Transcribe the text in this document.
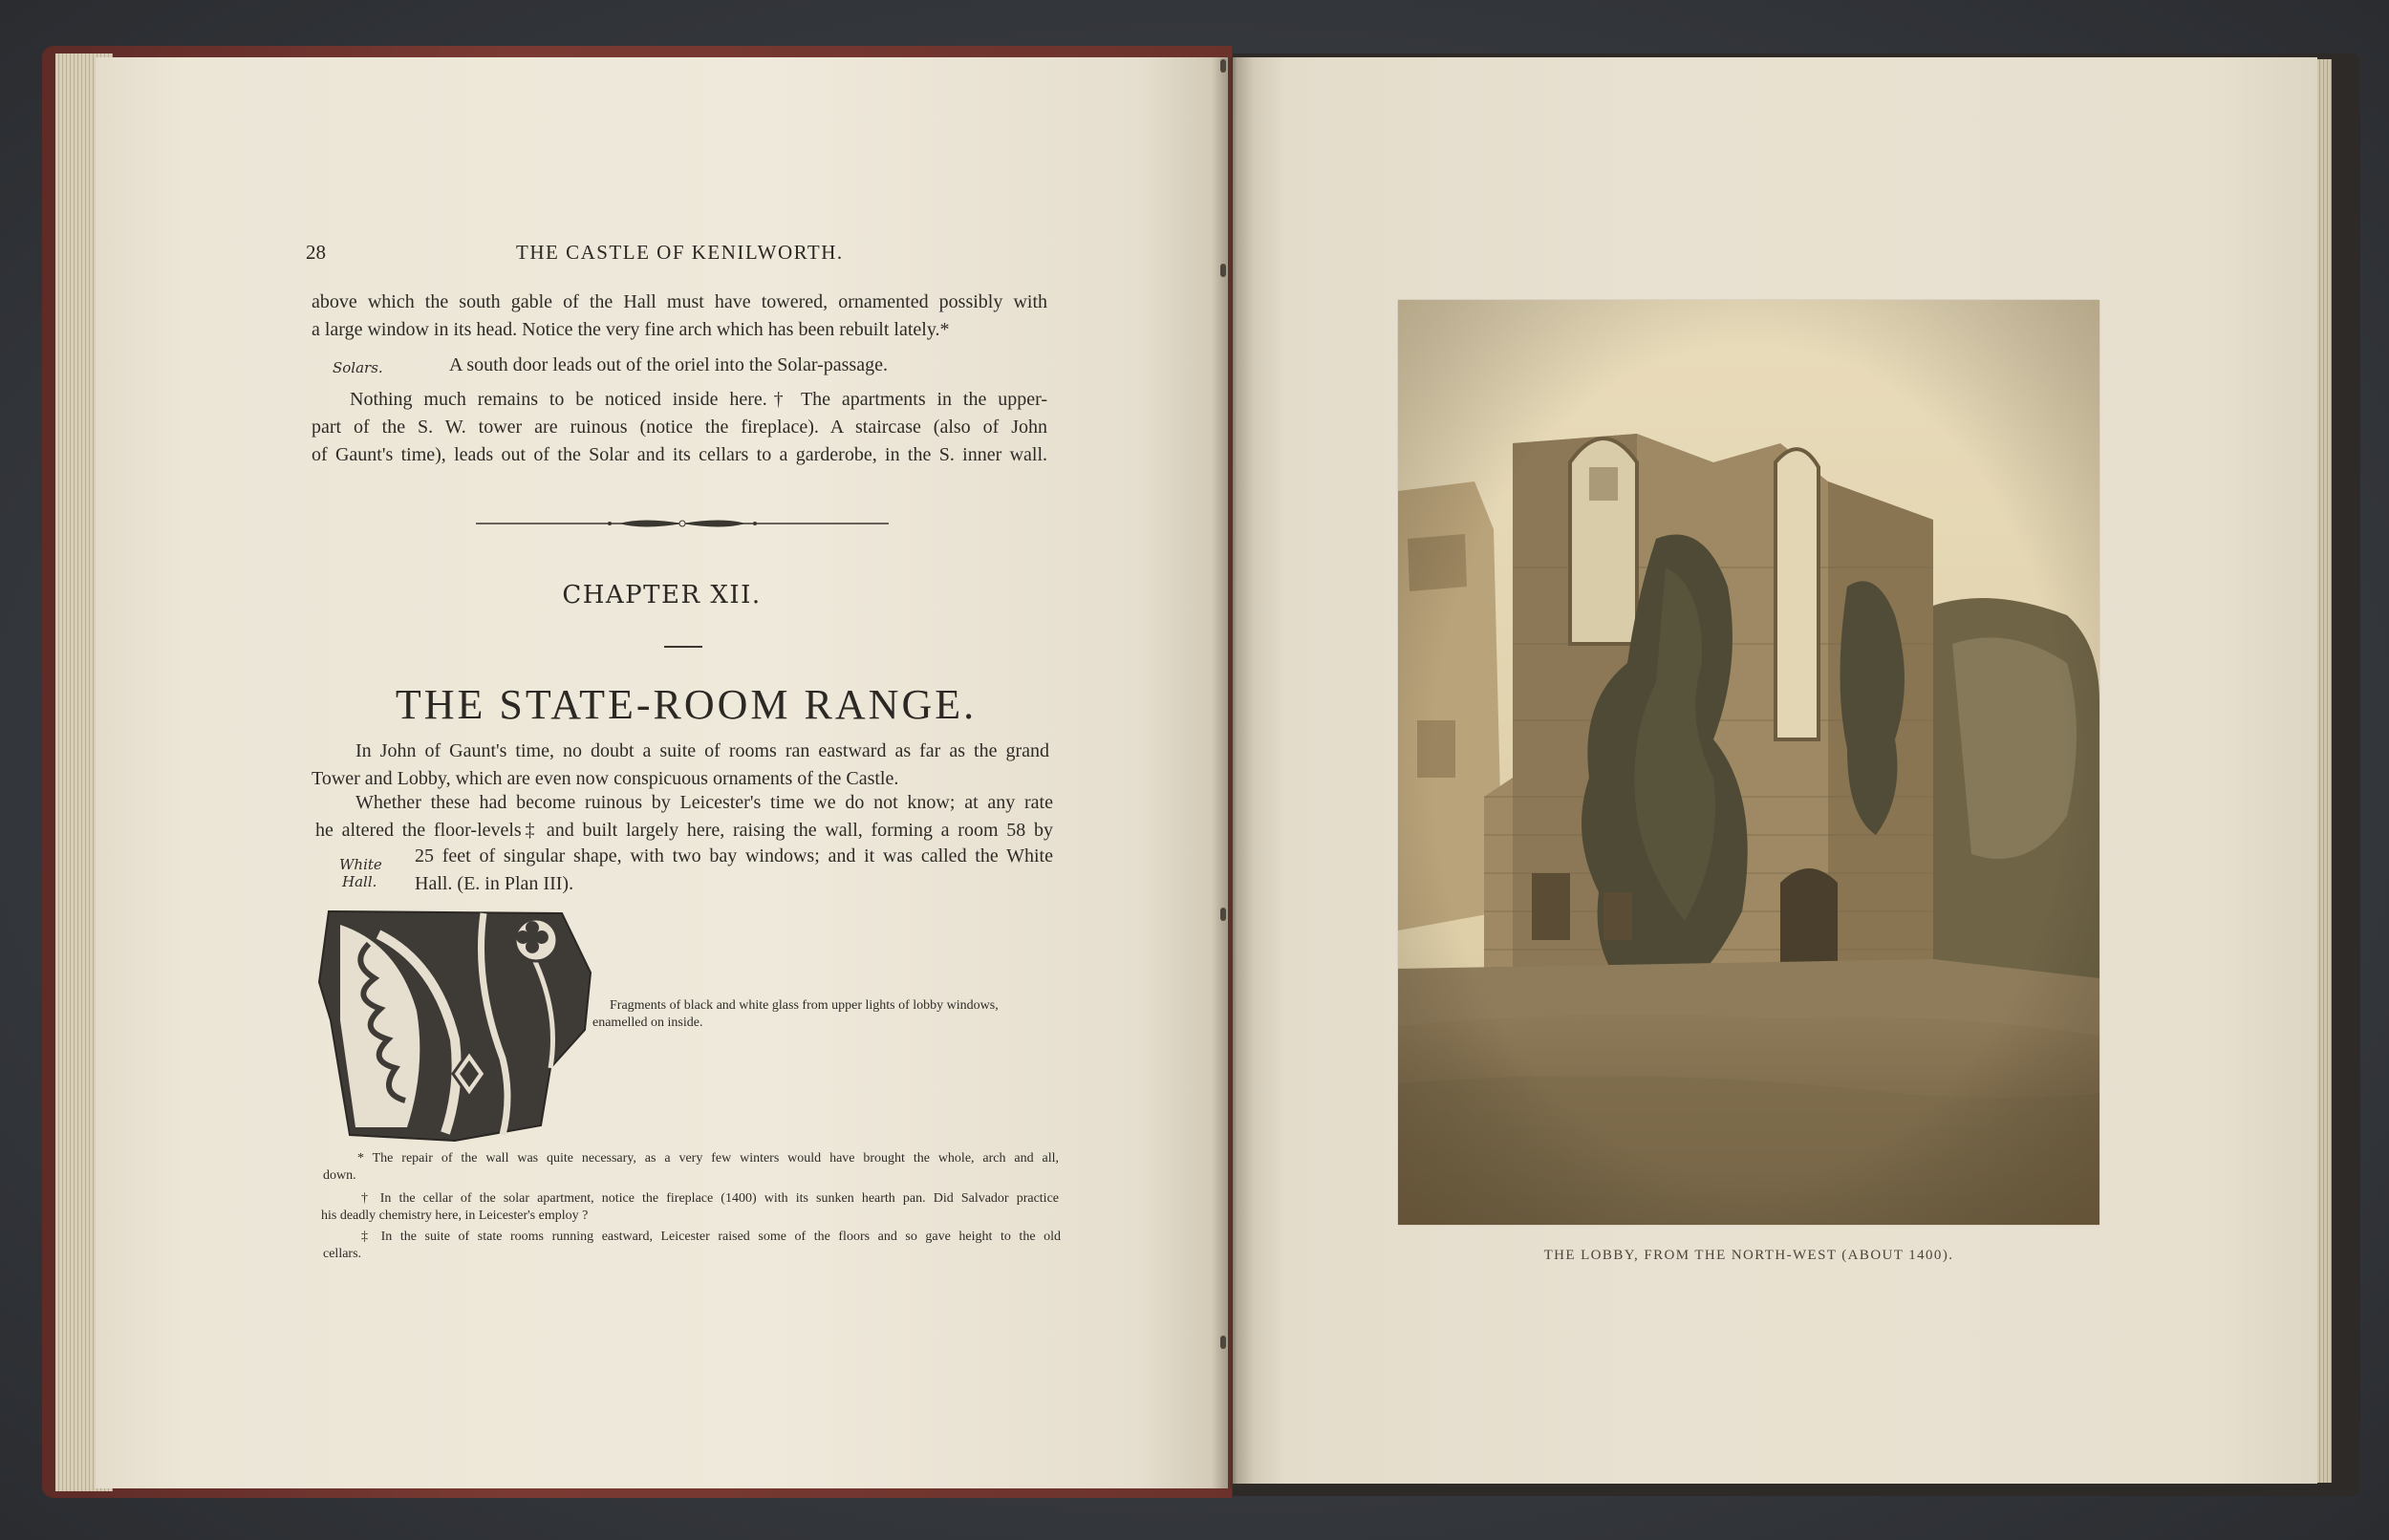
28	THE CASTLE OF KENILWORTH.
above which the south gable of the Hall must have towered, ornamented possibly with
a large window in its head. Notice the very fine arch which has been rebuilt lately.*
Solars.	A south door leads out of the oriel into the Solar-passage.
Nothing much remains to be noticed inside here.† The apartments in the upper-
part of the S. W. tower are ruinous (notice the fireplace). A staircase (also of John
of Gaunt's time), leads out of the Solar and its cellars to a garderobe, in the S. inner wall.
CHAPTER XII.
THE STATE-ROOM RANGE.
In John of Gaunt's time, no doubt a suite of rooms ran eastward as far as the grand
Tower and Lobby, which are even now conspicuous ornaments of the Castle.
Whether these had become ruinous by Leicester's time we do not know; at any rate
he altered the floor-levels‡ and built largely here, raising the wall, forming a room 58 by
White
Hall.
25 feet of singular shape, with two bay windows; and it was called the White
Hall. (E. in Plan III).
Fragments of black and white glass from upper lights of lobby windows,
enamelled on inside.
* The repair of the wall was quite necessary, as a very few winters would have brought the whole, arch and all,
down.
† In the cellar of the solar apartment, notice the fireplace (1400) with its sunken hearth pan. Did Salvador practice
his deadly chemistry here, in Leicester's employ ?
‡ In the suite of state rooms running eastward, Leicester raised some of the floors and so gave height to the old
cellars.	THE LOBBY, FROM THE NORTH-WEST (ABOUT 1400).
